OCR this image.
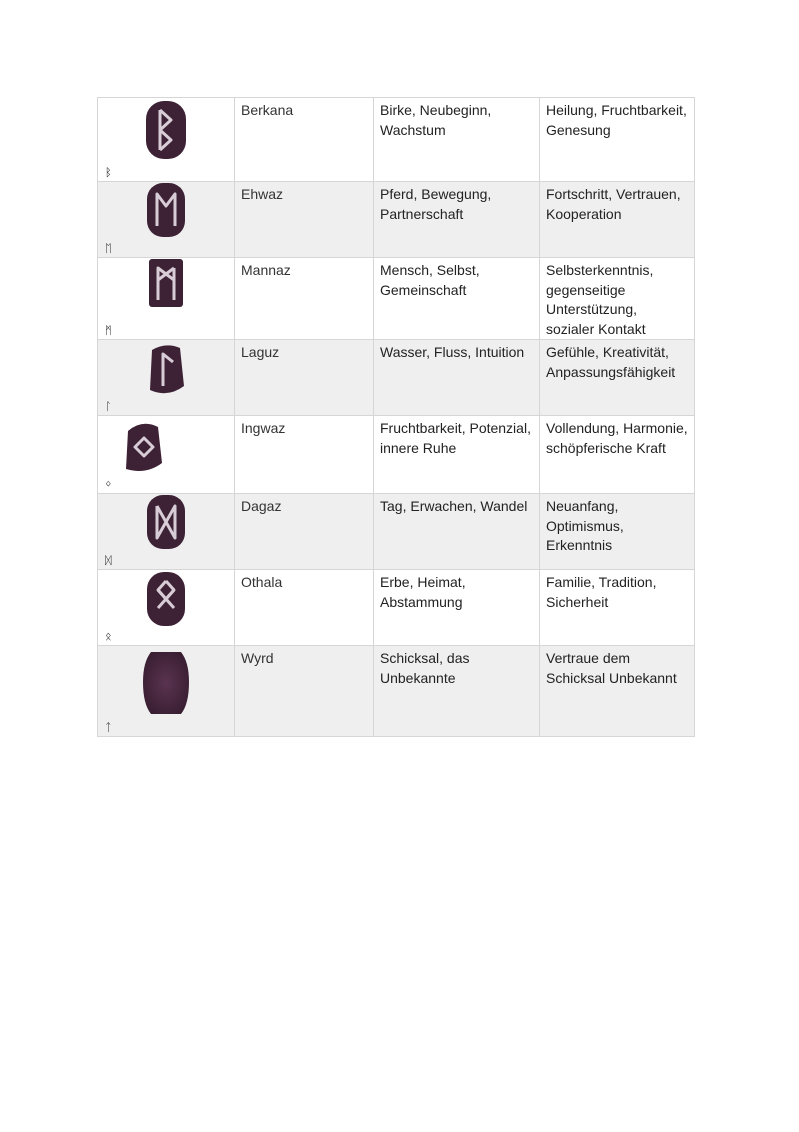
ᛒ	Berkana	Birke, Neubeginn, Wachstum	Heilung, Fruchtbarkeit, Genesung

ᛖ	Ehwaz	Pferd, Bewegung, Partnerschaft	Fortschritt, Vertrauen, Kooperation

ᛗ	Mannaz	Mensch, Selbst, Gemeinschaft	Selbsterkenntnis, gegenseitige Unterstützung, sozialer Kontakt

ᛚ	Laguz	Wasser, Fluss, Intuition	Gefühle, Kreativität, Anpassungsfähigkeit

ᛜ	Ingwaz	Fruchtbarkeit, Potenzial, innere Ruhe	Vollendung, Harmonie, schöpferische Kraft

ᛞ	Dagaz	Tag, Erwachen, Wandel	Neuanfang, Optimismus, Erkenntnis

ᛟ	Othala	Erbe, Heimat, Abstammung	Familie, Tradition, Sicherheit

ᛏ	Wyrd	Schicksal, das Unbekannte	Vertraue dem Schicksal Unbekannt
